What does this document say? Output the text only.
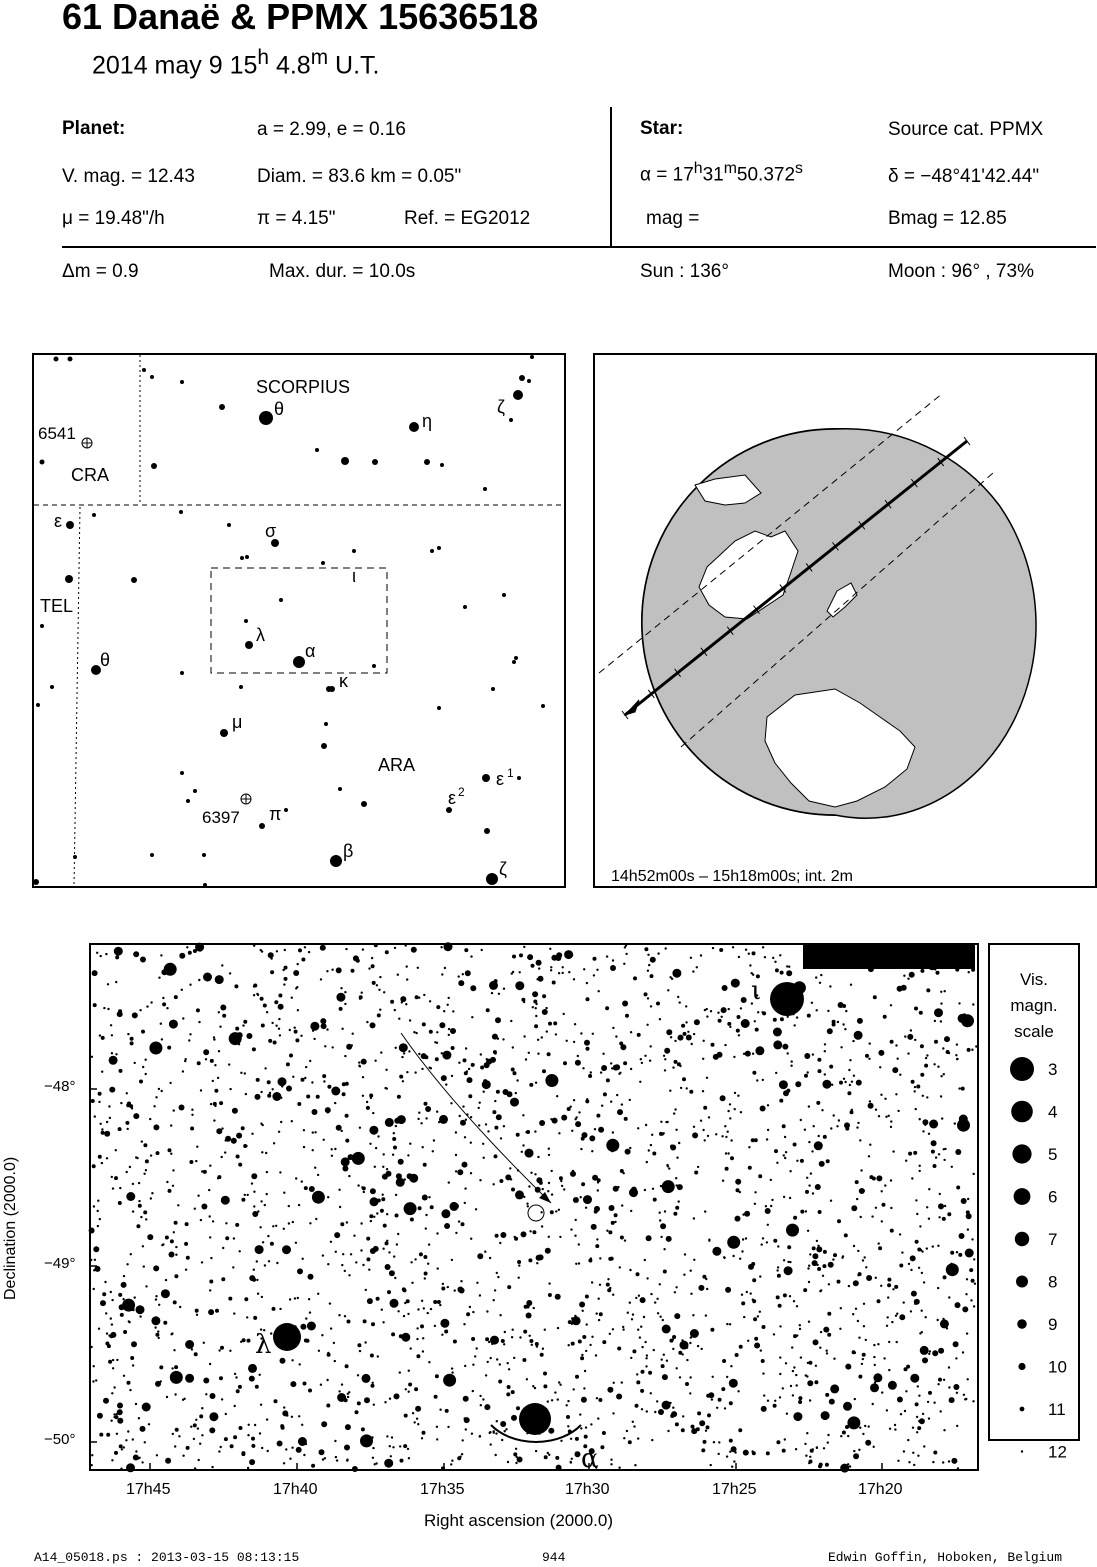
61 Danaë & PPMX 15636518
2014 may 9 15$^h$ 4.8$^m$ U.T.
Planet:	a = 2.99, e = 0.16
V. mag. = 12.43	Diam. = 83.6 km = 0.05"
μ = 19.48"/h	π = 4.15"	Ref. = EG2012
Star:	Source cat. PPMX
$\alpha = 17^h31^m50.372^s$	δ = −48°41'42.44"
mag =	Bmag = 12.85
Δm = 0.9	Max. dur. = 10.0s	Sun : 136°	Moon : 96° , 73%
SCORPIUS
CRA
TEL
ARA
6541
6397
θ
η
ζ
ε	σ
ι
λ
α
κ
θ
μ
ε 1
ε 2
π
β
ζ	14h52m00s – 15h18m00s; int. 2m
Declination (2000.0)
ι
λ
α
−48°
−49°
−50°
17h45	17h40	17h35	17h30	17h25	17h20
Right ascension (2000.0)
Vis.
magn.
scale
3
4
5
6
7
8
9
10
11
12
A14_05018.ps : 2013-03-15 08:13:15	944	Edwin Goffin, Hoboken, Belgium
